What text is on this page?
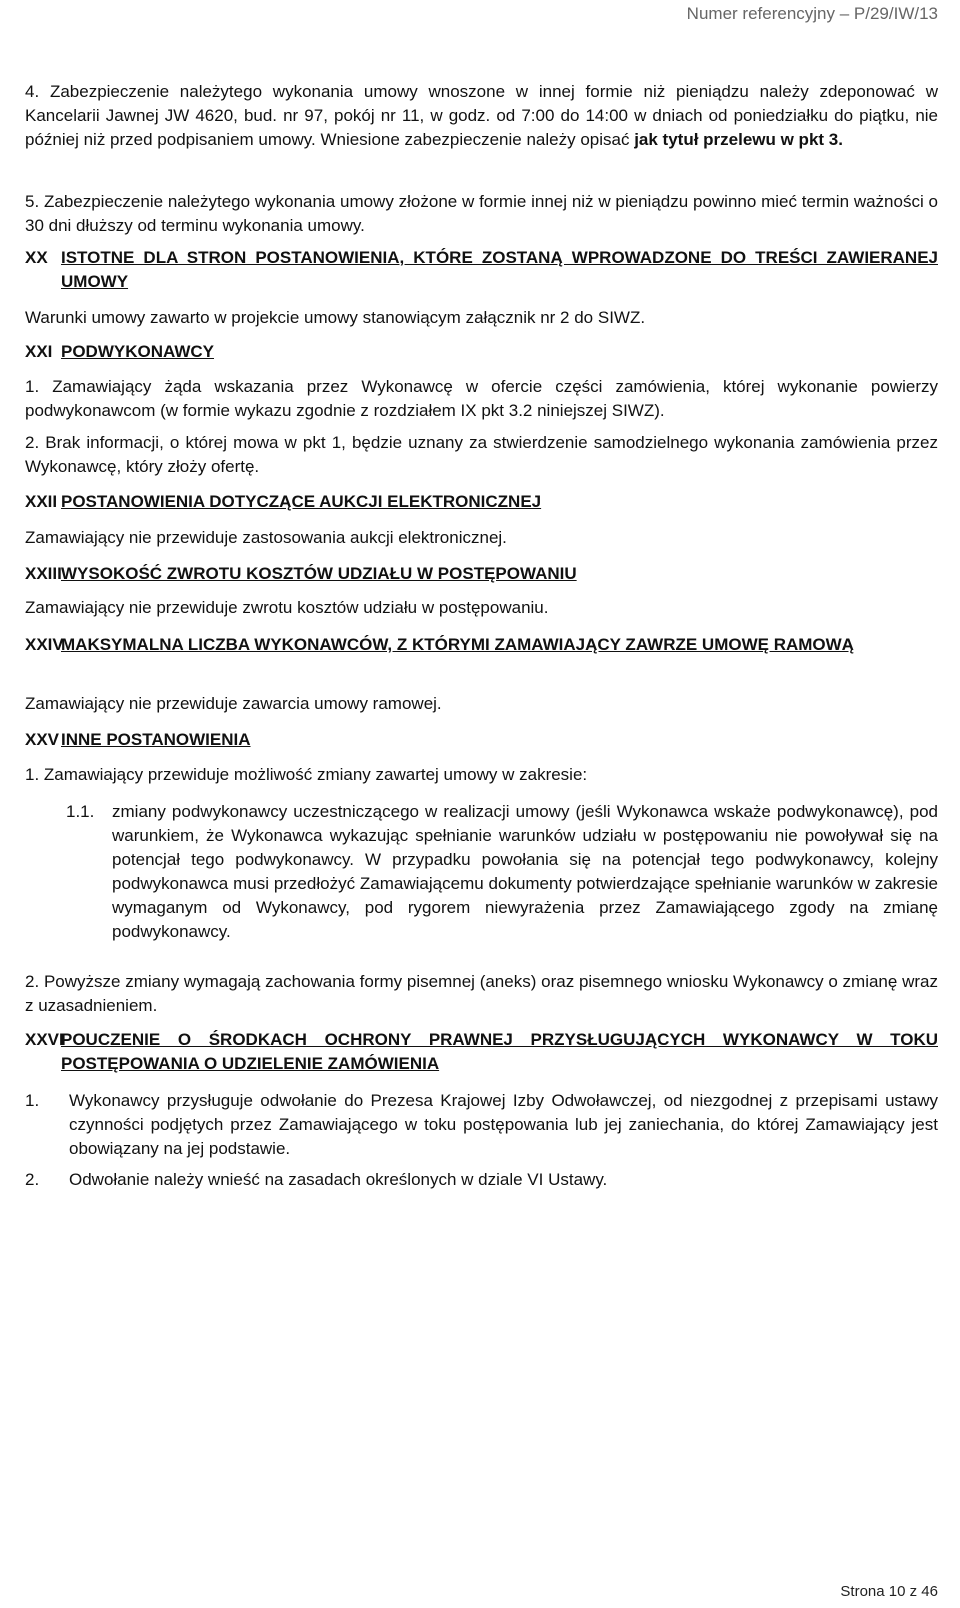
Numer referencyjny – P/29/IW/13
4. Zabezpieczenie należytego wykonania umowy wnoszone w innej formie niż pieniądzu należy zdeponować w Kancelarii Jawnej JW 4620, bud. nr 97, pokój nr 11, w godz. od 7:00 do 14:00 w dniach od poniedziałku do piątku, nie później niż przed podpisaniem umowy. Wniesione zabezpieczenie należy opisać jak tytuł przelewu w pkt 3.
5. Zabezpieczenie należytego wykonania umowy złożone w formie innej niż w pieniądzu powinno mieć termin ważności o 30 dni dłuższy od terminu wykonania umowy.
XX ISTOTNE DLA STRON POSTANOWIENIA, KTÓRE ZOSTANĄ WPROWADZONE DO TREŚCI ZAWIERANEJ UMOWY
Warunki umowy zawarto w projekcie umowy stanowiącym załącznik nr 2 do SIWZ.
XXI PODWYKONAWCY
1. Zamawiający żąda wskazania przez Wykonawcę w ofercie części zamówienia, której wykonanie powierzy podwykonawcom (w formie wykazu zgodnie z rozdziałem IX pkt 3.2 niniejszej SIWZ).
2. Brak informacji, o której mowa w pkt 1, będzie uznany za stwierdzenie samodzielnego wykonania zamówienia przez Wykonawcę, który złoży ofertę.
XXII POSTANOWIENIA DOTYCZĄCE AUKCJI ELEKTRONICZNEJ
Zamawiający nie przewiduje zastosowania aukcji elektronicznej.
XXIII WYSOKOŚĆ ZWROTU KOSZTÓW UDZIAŁU W POSTĘPOWANIU
Zamawiający nie przewiduje zwrotu kosztów udziału w postępowaniu.
XXIV
MAKSYMALNA LICZBA WYKONAWCÓW, Z KTÓRYMI ZAMAWIAJĄCY ZAWRZE UMOWĘ RAMOWĄ
Zamawiający nie przewiduje zawarcia umowy ramowej.
XXV INNE POSTANOWIENIA
1. Zamawiający przewiduje możliwość zmiany zawartej umowy w zakresie:
1.1. zmiany podwykonawcy uczestniczącego w realizacji umowy (jeśli Wykonawca wskaże podwykonawcę), pod warunkiem, że Wykonawca wykazując spełnianie warunków udziału w postępowaniu nie powoływał się na potencjał tego podwykonawcy. W przypadku powołania się na potencjał tego podwykonawcy, kolejny podwykonawca musi przedłożyć Zamawiającemu dokumenty potwierdzające spełnianie warunków w zakresie wymaganym od Wykonawcy, pod rygorem niewyrażenia przez Zamawiającego zgody na zmianę podwykonawcy.
2. Powyższe zmiany wymagają zachowania formy pisemnej (aneks) oraz pisemnego wniosku Wykonawcy o zmianę wraz z uzasadnieniem.
XXVI
POUCZENIE O ŚRODKACH OCHRONY PRAWNEJ PRZYSŁUGUJĄCYCH WYKONAWCY W TOKU POSTĘPOWANIA O UDZIELENIE ZAMÓWIENIA
1. Wykonawcy przysługuje odwołanie do Prezesa Krajowej Izby Odwoławczej, od niezgodnej z przepisami ustawy czynności podjętych przez Zamawiającego w toku postępowania lub jej zaniechania, do której Zamawiający jest obowiązany na jej podstawie.
2. Odwołanie należy wnieść na zasadach określonych w dziale VI Ustawy.
Strona 10 z 46
